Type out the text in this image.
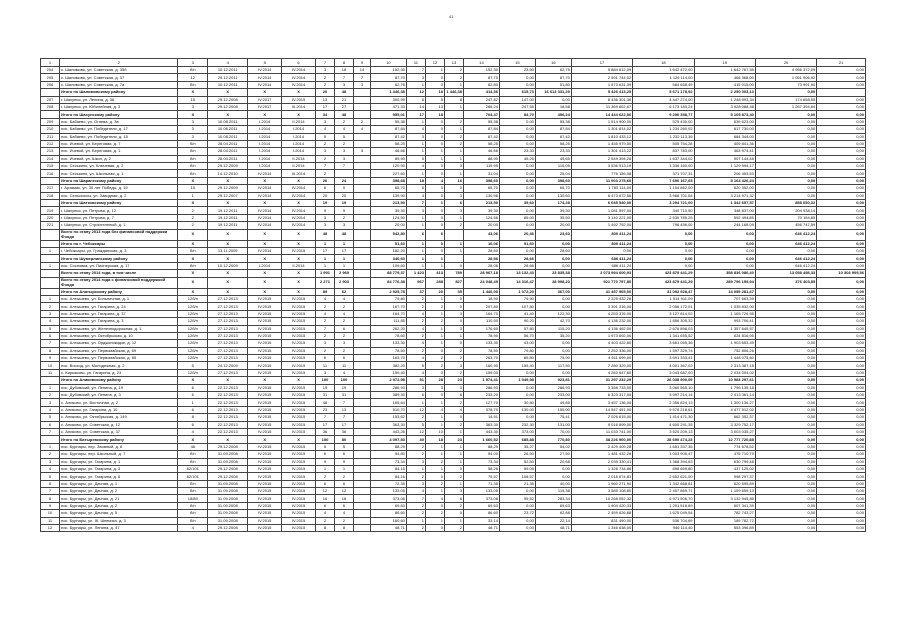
41
1	2	3	4	5	6	7	8	9	10	11	12	13	14	15	16	17	18	19	20	21
204	с. Шалимово, ул. Советская, д. 35б	б/н	10.12.2011	IV.2014	IV.2014	3	18	14	152,30	7	1	2	152,30	23,50	62,75	5 884 612,09	1 642 472,00	1 642 767,55	4 956 372,09	0,00
205	с. Шалимово, ул. Советская, д. 37	12	29.12.2011	IV.2014	IV.2014	2	7	7	87,70	3	0	2	87,70	0,00	87,70	2 591 744,02	1 126 114,00	466 368,00	1 051 906,92	0,00
206	с. Шалимово, ул. Советская, д. 7а	б/н	10.12.2011	IV.2014	IV.2014	2	3	3	62,76	1	0	1	62,80	0,00	51,80	1 573 631,09	584 658,49	415 015,00	73 991,90	0,00
	Итого по Шалимовскому району	X	X	X	X	20	48		1 446,38	12	18	1 446,38	414,36	615,73	16 613 331,29	5 426 413,25	5 671 178,92	2 250 003,13	0,00	
207	г. Шахунья, ул. Ленина, д. 36	15	29.12.2008	IV.2017	IV.2015	13	21		300,99	6	5	8	247,82	147,00	0,00	8 436 301,36	4 447 274,00	1 248 993,34	174 658,55	0,00
208	г. Шахунья, ул. Юбилейная, д. 3	3	29.12.2008	IV.2017	III.2014	17	27		471,33	14	13	1	266,24	247,55	18,58	11 369 602,67	6 173 183,24	3 928 088,48	1 267 394,64	0,00
	Итого по Шахунскому району	X	X	X	X	34	48		955,01	17	18		704,47	84,70	456,24	14 444 622,06	9 290 358,77	5 105 873,40	0,00	0,00
209	пос. Бабаево, ул. Огнева, д. 3в	3	10.08.2011	I.2014	II.2014	3	2	2	55,38	1	0	2	55,38	0,00	55,38	1 514 900,00	575 430,00	639 623,00	0,00	0,00
210	пос. Бабаево, ул. Победителя, д. 17	3	10.08.2011	I.2014	I.2014	4	4	4	87,84	4	0	1	87,84	0,00	87,84	1 301 814,02	1 234 260,02	617 730,00	0,00	0,00
211	пос. Бабаево, ул. Победителя, д. 15	3	10.08.2011	I.2014	I.2014	5	5		87,42	3	0	2	87,42	0,00	87,42	1 810 433,12	1 232 113,36	684 344,00	0,00	0,00
212	пос. Ичевой, ул. Береговая, д. 7	б/н	28.04.2011	I.2014	I.2014	2	2		58,25	1	0	2	58,25	0,00	58,25	1 455 979,50	505 754,28	409 841,36	0,00	0,00
213	пос. Ичевой, ул. Береговая, д. 1	б/н	28.04.2011	I.2014	I.2014	3	3	3	46,66	1	1	1	46,66	23,33	23,33	1 301 413,22	837 783,00	463 974,41	0,00	0,00
214	пос. Ичевой, ул. Школ, д. 2	б/н	28.04.2011	I.2014	II.2014	2	3		89,90	5	1	1	88,90	45,25	45,65	2 549 394,26	1 637 344,02	907 144,48	0,00	0,00
215	пос. Сеськино, ул. Ключевая, д. 2	б/н	29.12.2009	I.2014	II.2014	7	7		120,90	4	0	3	119,95	0,00	115,05	3 536 513,19	1 336 160,00	1 129 994,17	0,00	0,00
216	пос. Сеськино, ул. Школьная, д. 1	б/н	14.12.2010	IV.2014	III.2014	2			227,60	1	0	1	31,04	0,00	25,04	776 156,08	371 707,31	206 453,53	0,00	0,00
	Итого по Шарангскому району	X	X	X	X	26	24		398,68	18	4	16	398,60	0,00	398,60	11 003 275,60	7 690 167,65	5 164 426,24	0,00	0,00
217	г. Арзамас, ул. 30 лет Победы, д. 19	15	29.12.2009	IV.2014	IV.2014	6	0		65,70	6	0	0	65,70	0,00	65,70	1 783 114,00	1 154 862,00	620 352,00	0,00	0,00
218	пос. Сельскохоз, ул. Заводная, д. 2	1	29.12.2007	IV.2014	IV.2014	20	20		139,90	4	0	3	130,96	0,00	130,60	6 473 672,56	3 968 701,64	3 214 971,32	0,00	0,00
	Итого по Шатковскому району	X	X	X	X	19	19		213,50	7	1	6	213,50	39,60	174,28	6 045 540,00	3 294 721,00	1 342 657,57	858 050,32	0,00
219	г. Шахунья, ул. Петрова, д. 12	2	19.12.2011	IV.2014	IV.2014	9	9		39,30	3	0	3	39,30	0,00	39,30	1 081 597,00	340 710,50	348 837,00	204 938,14	0,00
220	г. Шахунья, ул. Петрова, д. 7	2	19.12.2011	IV.2014	IV.2014	3	2		124,50	1	0	1	124,56	89,00	35,50	3 140 221,00	2 530 785,25	592 494,85	70 154,85	0,00
221	г. Шахунья, ул. Строителеный, д. 1	2	19.12.2011	IV.2014	IV.2014	3	3		20,00	1	0	2	20,00	0,00	20,00	1 492 752,00	798 456,00	244 168,09	456 747,59	0,00
	Всего по этапу 2013 года без финансовой поддержки Фонда	X	X	X	X	48	48		542,80	6	6		43,06	20,46	23,60	800 411,24	0,00	0,00	646 412,24	0,00
	Итого по г. Чебоксары	X	X	X	X	1	1		51,60	1	0	1	10,06	51,60	0,00	800 411,24	0,00	0,00	646 412,24	0,00
1	г. Чебоксары, ул. Гражданская, д. 3	б/н	13.11.2009	IV.2014	IV.2015	17	17		182,20	1	0	1	28,60	0,00	28,60	0,00	0,00	0,00	0,00	0,00
	Итого по Шумерлинскому району	X	X	X	X	1	1		340,60	1	1		28,56	28,66	0,00	686 411,24	0,00	0,00	646 412,24	0,00
1	пос. Сосновка, ул. Пионерская, д. 17	б/н	10.12.2009	I.2014	II.2014	1	1		109,60	1	1	0	28,06	28,66	0,00	686 411,24	0,00	0,00	646 412,24	0,00
	Всего по этапу 2014 года, в том числе	X	X	X	X	1 991	2 969		88 779,37	1 423	413	789	28 967,18	13 132,43	23 835,38	2 073 994 600,93	423 879 441,29	358 836 086,40	13 058 498,33	10 304 909,56
	Всего по этапу 2014 года с финансовой поддержкой Фонда	X	X	X	X	2 271	2 903		84 776,38	967	288	827	24 048,49	14 316,47	28 998,20	921 770 797,80	423 879 441,29	289 796 159,94	376 403,85	0,00
	Итого по Алатырскому району	X	X	X	X	89	62		2 925,78	37	20	35	1 440,00	1 072,20	367,00	41 457 905,00	31 092 928,47	14 059 281,47	0,00	0,00
1	пос. Алтышево, ул. Больничная, д. 1	12б/н	27.12.2013	IV.2015	IV.2015	4	4		79,80	2	1	0	18,90	79,90	0,00	2 225 432,26	1 514 911,09	707 663,39	0,00	0,00
2	пос. Алтышево, ул. Гагарина, д. 24	12б/н	27.12.2013	IV.2015	IV.2015	2	2		167,70	2	2	0	207,80	107,80	0,00	3 391 316,00	2 056 172,01	1 035 832,00	0,00	0,00
3	пос. Алтышево, ул. Гагарина, д. 37	12б/н	27.12.2013	IV.2015	IV.2015	4	4		164,70	4	1	3	164,70	41,40	122,30	4 253 376,00	3 127 814,02	1 165 726,55	0,00	0,00
4	пос. Алтышево, ул. Гагарина, д. 3	12б/н	27.12.2013	IV.2015	IV.2015	2	2		111,85	2	2	0	110,50	90,20	42,70	4 136 232,00	1 856 305,32	993 706,41	0,00	0,00
5	пос. Алтышево, ул. Железнодорожная, д. 1	12б/н	27.12.2013	IV.2015	IV.2015	7	6		262,20	4	1	3	176,60	57,80	115,20	4 136 462,00	2 676 898,03	1 357 645,57	0,00	0,00
6	пос. Алтышево, ул. Октябрьская, д. 10	12б/н	27.12.2013	IV.2015	IV.2015	2	2		78,60	2	1	1	78,90	56,70	35,20	1 973 692,00	1 341 655,52	624 816,95	0,00	0,00
7	пос. Алтышево, ул. Орджоникидзе, д. 12	12б/н	27.12.2013	IV.2015	IV.2015	3	3		133,30	4	1	0	133,30	43,00	0,00	4 403 422,80	3 661 055,36	1 903 653,49	0,00	0,00
8	пос. Алтышево, ул. Первомайская, д. 69	12б/н	27.12.2013	IV.2015	IV.2015	2	2		78,50	2	0	2	78,50	79,80	0,00	2 252 336,00	1 597 329,74	752 806,26	0,00	0,00
9	пос. Алтышево, ул. Первомайская, д. 85	12б/н	27.12.2013	IV.2015	IV.2015	6	6		163,70	4	2	2	263,70	89,80	75,90	4 611 699,00	3 691 333,41	1 448 075,60	0,00	0,00
10	пос. Восход, ул. Молодежная, д. 2	5	24.12.2009	IV.2015	IV.2015	11	11		382,20	5	2	3	160,90	155,40	117,50	7 280 329,00	4 001 367,02	2 313 387,18	0,00	0,00
11	с. Кирьяково, ул. Гагарина, д. 23	12б/н	27.12.2013	IV.2015	IV.2015	3	4		159,40	4	0	2	159,00	0,00	0,00	4 263 647,60	3 043 687,00	2 034 004,02	0,00	0,00
	Итого по Аликовскому району	X	X	X	X	100	100		2 972,98	51	28	23	1 974,41	1 049,98	923,81	31 297 232,29	26 038 900,09	10 983 297,41	0,00	0,00
1	пос. Дубовский, ул. Ленина, д. 19	6	22.12.2013	IV.2015	IV.2015	19	19		286,93	3	3	0	286,93	0,00	286,93	3 358 733,00	3 060 565,10	1 796 135,18	0,00	0,00
2	пос. Дубовский, ул. Ленина, д. 3	6	22.12.2013	IV.2015	IV.2015	31	31		389,30	6	0	6	233,20	0,00	233,00	6 323 317,00	3 997 214,14	2 413 361,14	0,00	0,00
3	с. Аликово, ул. Восточная, д. 2	1	22.12.2013	IV.2015	IV.2015	48	7		165,64	1	1	2	127,70	30,80	49,85	3 457 136,00	2 356 824,13	1 300 136,27	0,00	0,00
4	с. Аликово, ул. Гагарина, д. 10	6	22.12.2013	IV.2015	IV.2015	23	13		510,70	12	4	4	378,70	130,00	155,00	14 547 491,00	9 578 218,61	4 477 512,02	0,00	0,00
5	с. Аликово, ул. Октябрьская, д. 149	8	22.12.2013	IV.2015	IV.2015	7	7		153,62	2	1	0	14,51	0,00	75,41	2 026 615,00	1 414 471,30	662 352,37	0,00	0,00
6	с. Аликово, ул. Советская, д. 12	6	22.12.2013	IV.2015	IV.2015	17	17		363,30	5	1	2	363,30	232,30	131,00	9 016 899,00	4 600 291,35	3 329 752,17	0,00	0,00
7	с. Аликово, ул. Советская, д. 37	4	22.12.2013	IV.2015	IV.2015	36	36		443,26	12	10	1	443,30	373,00	70,00	11 033 741,00	3 520 209,13	3 003 035,27	0,00	0,00
	Итого по Батыревскому району	X	X	X	X	100	80		4 097,53	40	18	23	1 660,52	685,88	770,80	38 226 900,00	28 690 474,23	12 777 720,88	0,00	0,00
1	пос. Бурнары, пер. Заовный, д. 8	48	29.12.2008	IV.2015	IV.2015	5	5		88,29	2	1	1	88,29	35,27	54,02	2 429 409,28	1 651 337,35	774 678,52	0,00	0,00
2	пос. Бурнары, пер. Школьный, д. 7	б/н	31.09.2008	IV.2015	IV.2015	6	6		54,80	2	1	1	54,00	26,50	27,50	1 481 432,26	1 003 905,47	475 710,79	0,00	0,00
3	пос. Бурнары, ул. Гагарина, д. 1	б/н	31.09.2008	IV.2015	IV.2015	9	9		73,34	3	2	1	73,34	52,83	20,68	2 039 330,41	1 368 394,63	630 799,48	0,00	0,00
4	пос. Бурнары, ул. Гагарина, д. 3	82/101	29.12.2008	IV.2015	IV.2015	1	1		84,15	1	1	0	58,26	59,05	0,00	1 328 734,86	898 659,80	437 125,02	0,00	0,00
5	пос. Бурнары, ул. Гагарина, д. 6	82/101	29.12.2008	IV.2015	IV.2015	2	2		84,16	2	0	2	75,57	108,57	0,00	2 018 674,83	2 652 621,00	998 297,37	0,00	0,00
6	пос. Бурнары, ул. Дачная, д. 1	б/н	31.09.2008	IV.2015	IV.2015	6	6		72,35	3	2	1	71,35	21,35	40,00	1 960 271,90	1 342 668,81	620 595,89	0,00	0,00
7	пос. Бурнары, ул. Дачная, д. 2	б/н	31.09.2008	IV.2015	IV.2015	12	12		133,05	4	1	3	133,05	0,00	115,38	3 585 108,80	2 457 869,71	1 159 659,13	0,00	0,00
8	пос. Бурнары, ул. Дачная, д. 21	18/8б	31.09.2008	IV.2015	IV.2015	16	16		373,06	7	4	6	373,06	95,52	283,34	10 268 052,32	6 971 506,70	3 132 945,85	0,00	0,00
9	пос. Бурнары, ул. Дачная, д. 2	б/н	31.09.2008	IV.2015	IV.2015	6	6		69,63	2	0	2	69,63	0,00	69,63	1 904 420,33	1 291 518,89	607 341,39	0,00	0,00
10	пос. Бурнары, ул. Дачная, д. 5	б/н	31.09.2008	IV.2015	IV.2015	4	4		86,60	2	2	0	86,60	23,72	62,88	2 459 626,88	1 675 049,54	782 743,27	0,00	0,00
11	пос. Бурнары, ул. Ж. Шевчика, д. 3	б/н	31.09.2008	IV.2015	IV.2015	2	2		160,60	1	1	1	33,14	0,00	22,14	831 490,00	536 704,69	189 782,72	0,00	0,00
12	пос. Бурнары, ул. Ленина, д. 47	4	29.12.2008	IV.2015	IV.2015	8	8		48,71	2	0	2	48,71	0,00	48,71	1 346 638,00	946 114,40	553 396,89	0,00	0,00
